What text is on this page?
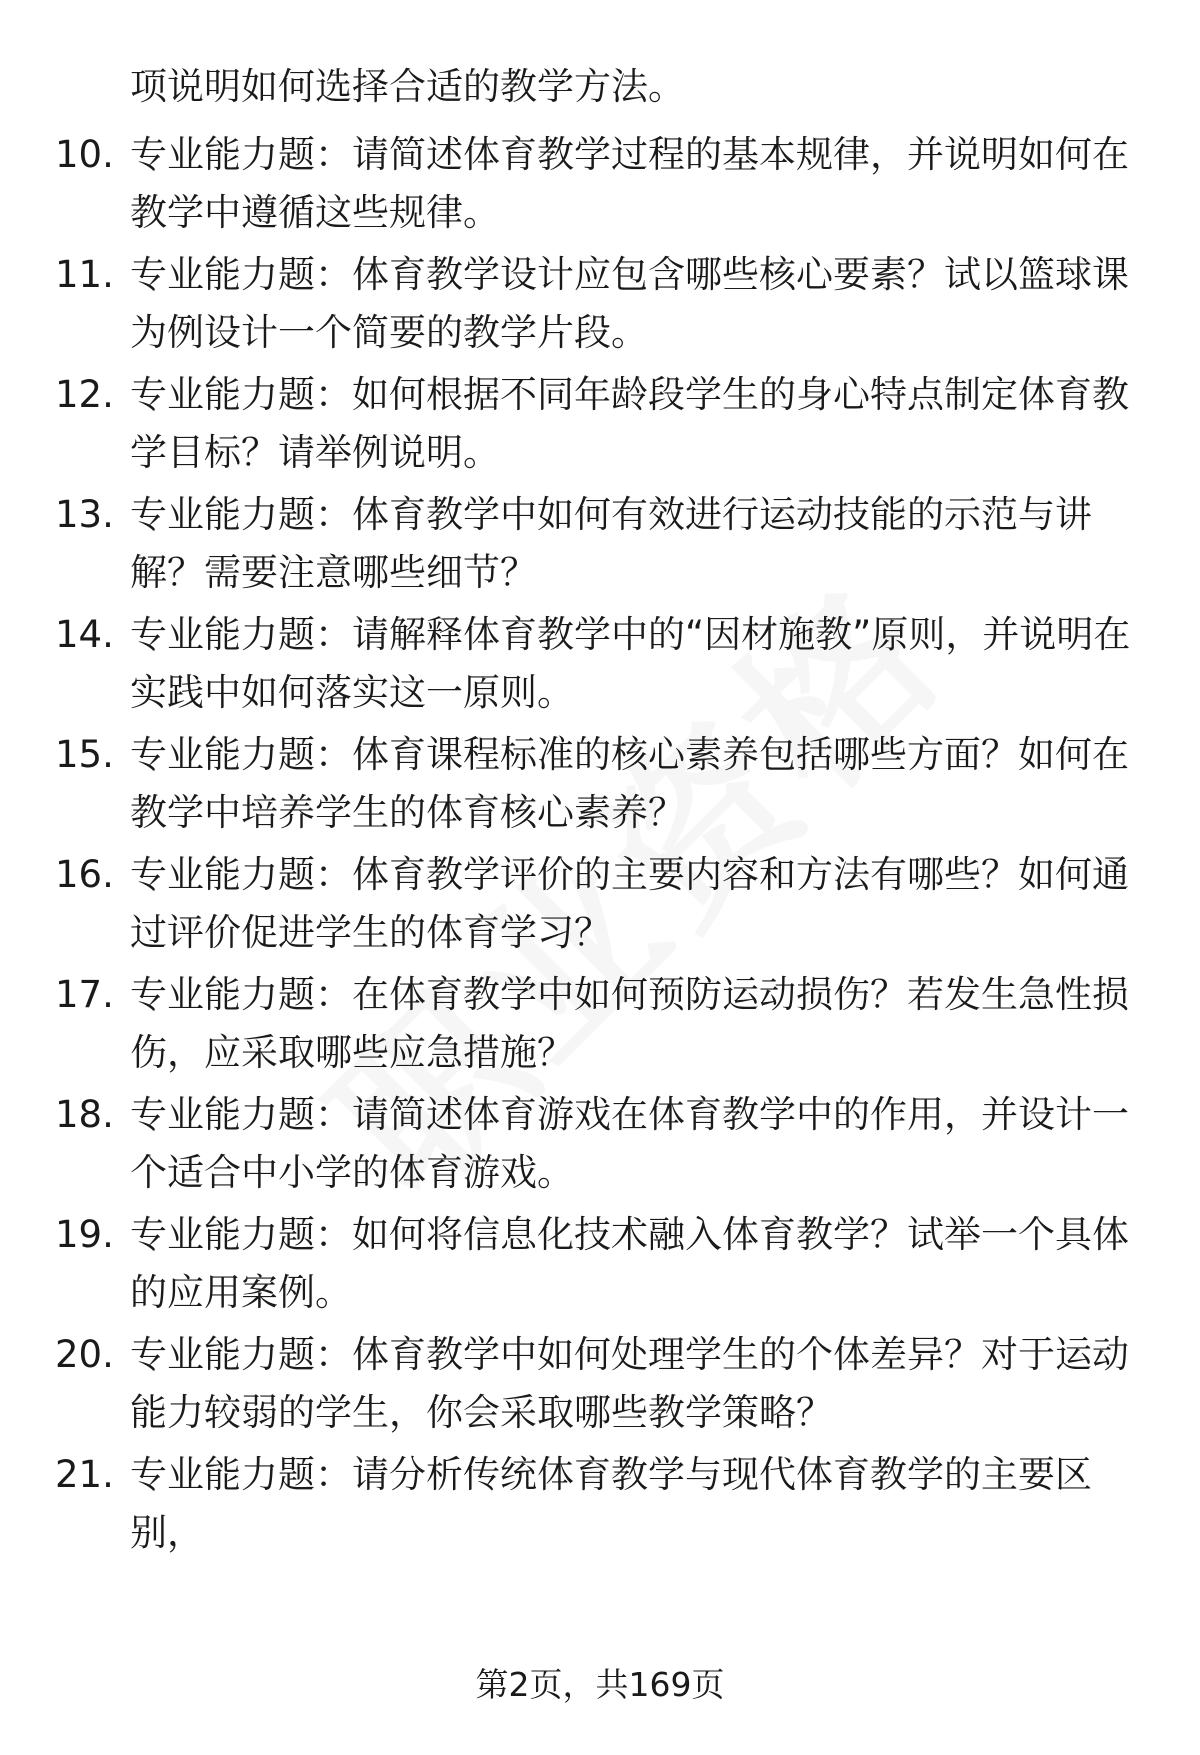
项说明如何选择合适的教学方法。

10. 专业能力题：请简述体育教学过程的基本规律，并说明如何在教学中遵循这些规律。

11. 专业能力题：体育教学设计应包含哪些核心要素？试以篮球课为例设计一个简要的教学片段。

12. 专业能力题：如何根据不同年龄段学生的身心特点制定体育教学目标？请举例说明。

13. 专业能力题：体育教学中如何有效进行运动技能的示范与讲解？需要注意哪些细节？

14. 专业能力题：请解释体育教学中的“因材施教”原则，并说明在实践中如何落实这一原则。

15. 专业能力题：体育课程标准的核心素养包括哪些方面？如何在教学中培养学生的体育核心素养？

16. 专业能力题：体育教学评价的主要内容和方法有哪些？如何通过评价促进学生的体育学习？

17. 专业能力题：在体育教学中如何预防运动损伤？若发生急性损伤，应采取哪些应急措施？

18. 专业能力题：请简述体育游戏在体育教学中的作用，并设计一个适合中小学的体育游戏。

19. 专业能力题：如何将信息化技术融入体育教学？试举一个具体的应用案例。

20. 专业能力题：体育教学中如何处理学生的个体差异？对于运动能力较弱的学生，你会采取哪些教学策略？

21. 专业能力题：请分析传统体育教学与现代体育教学的主要区别，

第2页，共169页
